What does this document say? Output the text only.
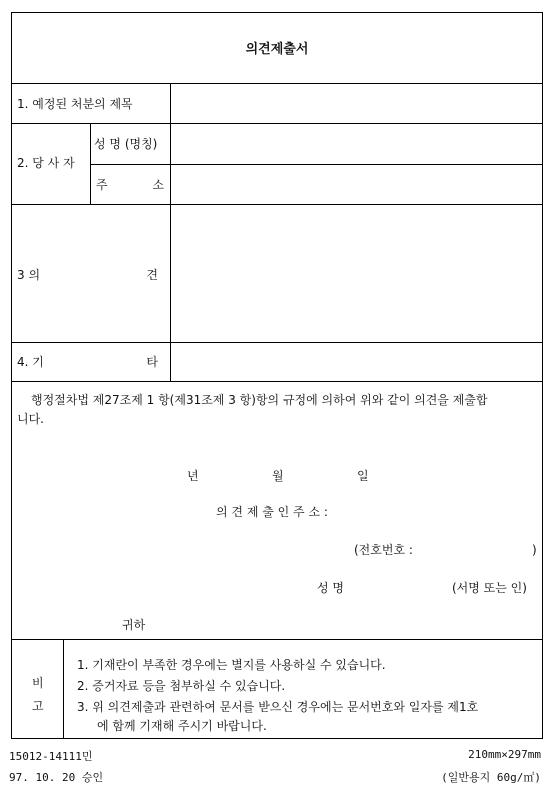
의견제출서
1. 예정된 처분의 제목
2. 당 사 자
성 명 (명칭)
주	소
3 의	견
4. 기	타
행정절차법 제27조제 1 항(제31조제 3 항)항의 규정에 의하여 위와 같이 의견을 제출합
니다.
년	월	일
의 견 제 출 인 주 소 :
(전호번호 :	)
성 명	(서명 또는 인)
귀하
비
고
1. 기재란이 부족한 경우에는 별지를 사용하실 수 있습니다.
2. 증거자료 등을 첨부하실 수 있습니다.
3. 위 의견제출과 관련하여 문서를 받으신 경우에는 문서번호와 일자를 제1호
에 함께 기재해 주시기 바랍니다.
15012-14111민
97. 10. 20 승인
210mm×297mm
(일반용지 60g/㎡)
